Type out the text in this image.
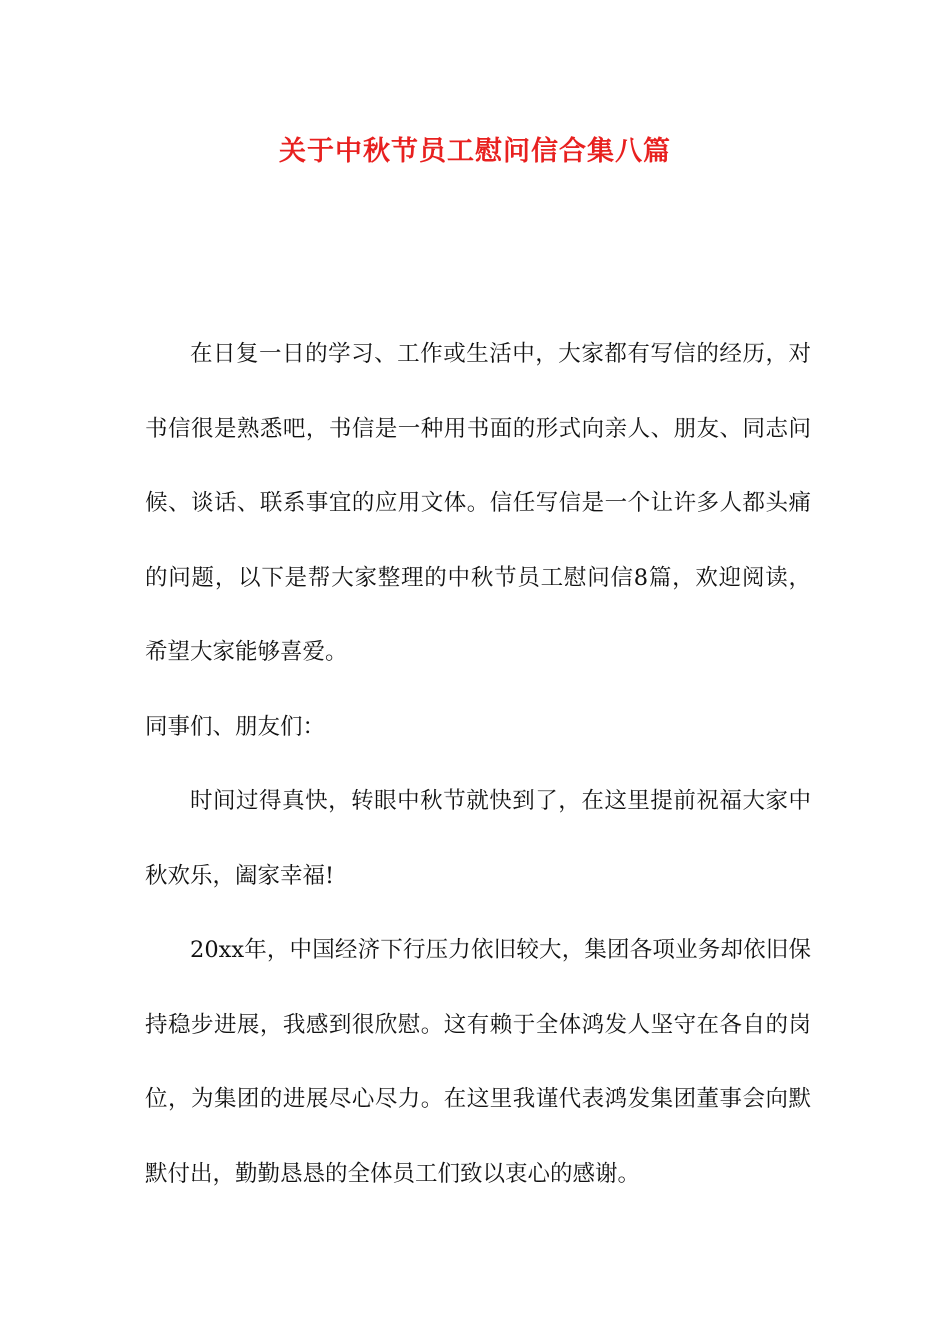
关于中秋节员工慰问信合集八篇

在日复一日的学习、工作或生活中，大家都有写信的经历，对书信很是熟悉吧，书信是一种用书面的形式向亲人、朋友、同志问候、谈话、联系事宜的应用文体。信任写信是一个让许多人都头痛的问题，以下是帮大家整理的中秋节员工慰问信8篇，欢迎阅读，希望大家能够喜爱。

同事们、朋友们：

时间过得真快，转眼中秋节就快到了，在这里提前祝福大家中秋欢乐，阖家幸福!

20xx年，中国经济下行压力依旧较大，集团各项业务却依旧保持稳步进展，我感到很欣慰。这有赖于全体鸿发人坚守在各自的岗位，为集团的进展尽心尽力。在这里我谨代表鸿发集团董事会向默默付出，勤勤恳恳的全体员工们致以衷心的感谢。
